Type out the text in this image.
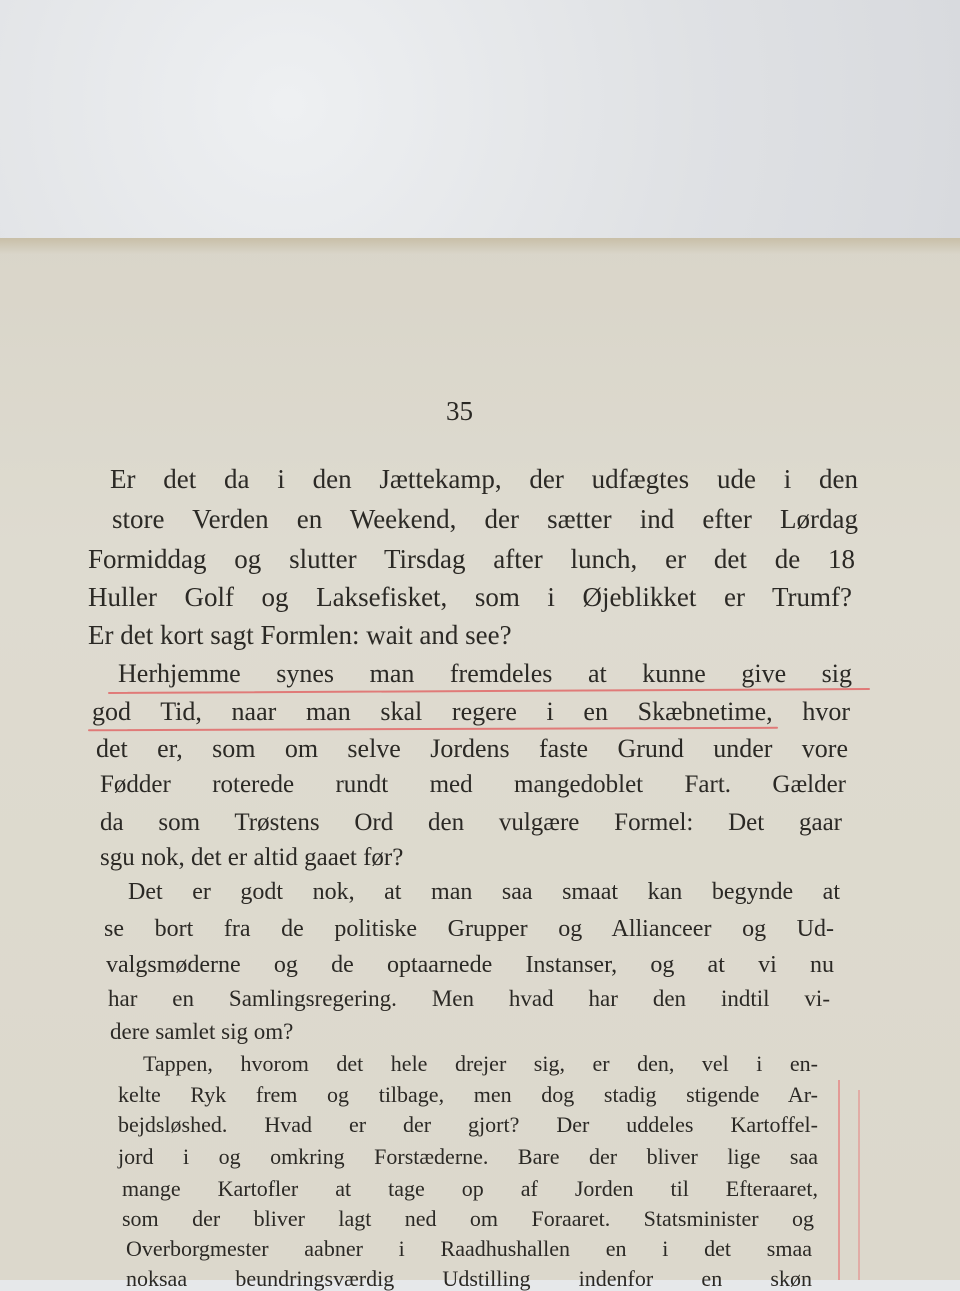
35
Er det da i den Jættekamp, der udfægtes ude i den
store Verden en Weekend, der sætter ind efter Lørdag
Formiddag og slutter Tirsdag after lunch, er det de 18
Huller Golf og Laksefisket, som i Øjeblikket er Trumf?
Er det kort sagt Formlen: wait and see?
Herhjemme synes man fremdeles at kunne give sig
god Tid, naar man skal regere i en Skæbnetime, hvor
det er, som om selve Jordens faste Grund under vore
Fødder roterede rundt med mangedoblet Fart. Gælder
da som Trøstens Ord den vulgære Formel: Det gaar
sgu nok, det er altid gaaet før?
Det er godt nok, at man saa smaat kan begynde at
se bort fra de politiske Grupper og Allianceer og Ud-
valgsmøderne og de optaarnede Instanser, og at vi nu
har en Samlingsregering. Men hvad har den indtil vi-
dere samlet sig om?
Tappen, hvorom det hele drejer sig, er den, vel i en-
kelte Ryk frem og tilbage, men dog stadig stigende Ar-
bejdsløshed. Hvad er der gjort? Der uddeles Kartoffel-
jord i og omkring Forstæderne. Bare der bliver lige saa
mange Kartofler at tage op af Jorden til Efteraaret,
som der bliver lagt ned om Foraaret. Statsminister og
Overborgmester aabner i Raadhushallen en i det smaa
noksaa beundringsværdig Udstilling indenfor en skøn
